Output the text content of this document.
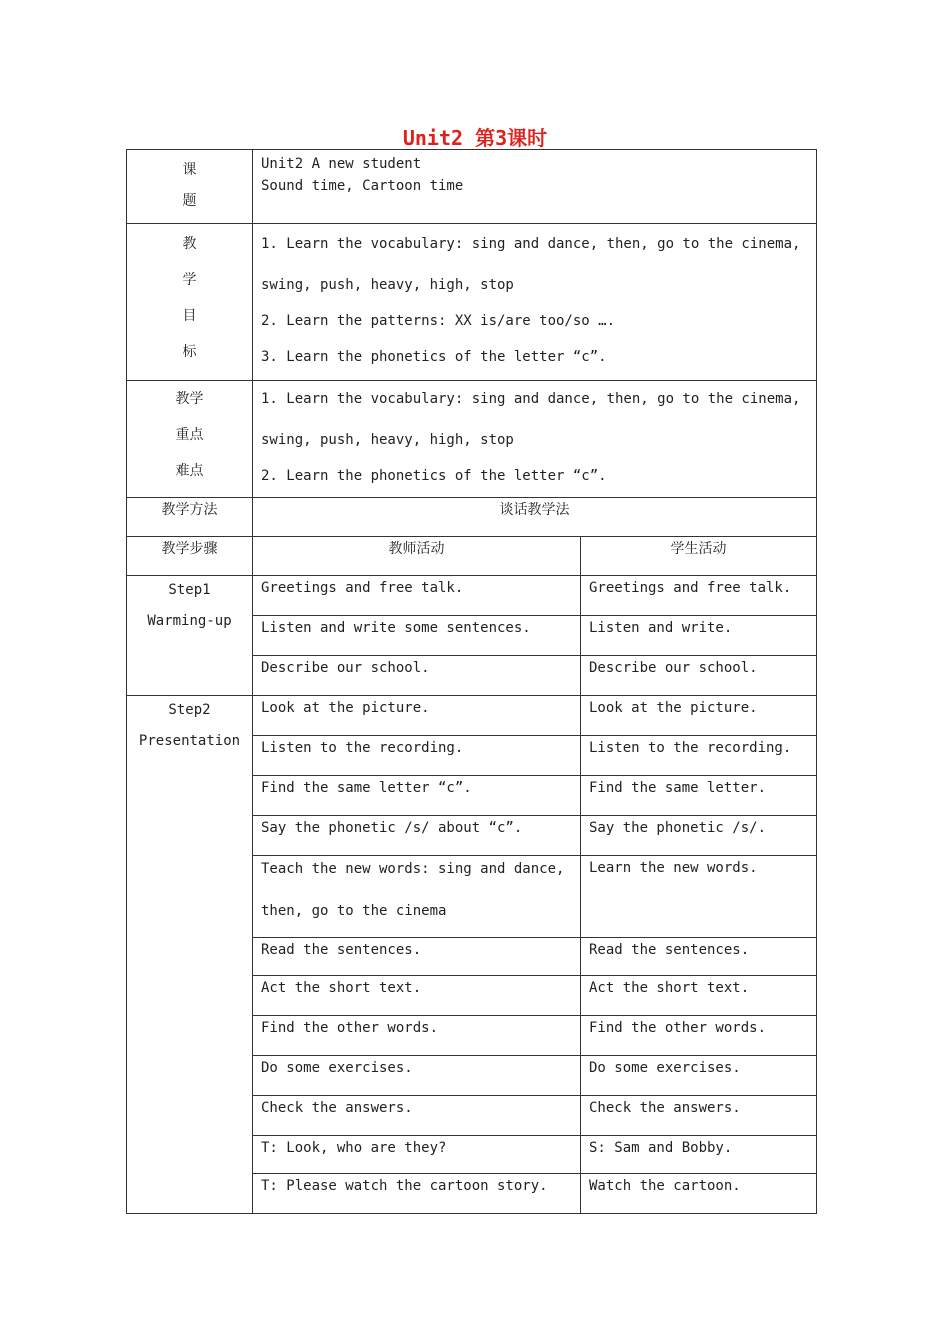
Unit2 第3课时
课
题	Unit2 A new student
Sound time, Cartoon time	

教
学
目
标	1. Learn the vocabulary: sing and dance, then, go to the cinema,
swing, push, heavy, high, stop
2. Learn the patterns: XX is/are too/so ….
3. Learn the phonetics of the letter “c”.	

教学
重点
难点	1. Learn the vocabulary: sing and dance, then, go to the cinema,
swing, push, heavy, high, stop
2. Learn the phonetics of the letter “c”.	

教学方法	谈话教学法	
教学步骤	教师活动	学生活动

Step1
Warming-up	Greetings and free talk.	Greetings and free talk.
	Listen and write some sentences.	Listen and write.
	Describe our school.	Describe our school.

Step2
Presentation	Look at the picture.	Look at the picture.
	Listen to the recording.	Listen to the recording.
	Find the same letter “c”.	Find the same letter.
	Say the phonetic /s/ about “c”.	Say the phonetic /s/.

	Teach the new words: sing and dance,
then, go to the cinema	Learn the new words.
	Read the sentences.	Read the sentences.
	Act the short text.	Act the short text.
	Find the other words.	Find the other words.
	Do some exercises.	Do some exercises.
	Check the answers.	Check the answers.
	T: Look, who are they?	S: Sam and Bobby.
	T: Please watch the cartoon story.	Watch the cartoon.
